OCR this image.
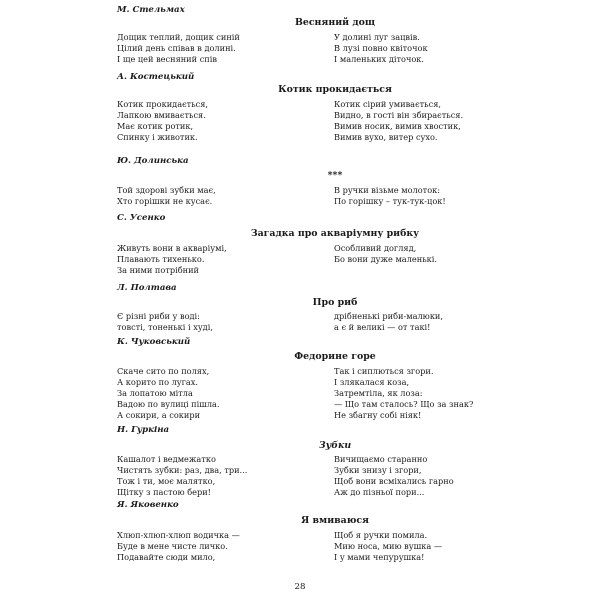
М. Стельмах
Весняний дощ
Дощик теплий, дощик синій
Цілий день співав в долині.
І ще цей весняний спів
У долині луг зацвів.
В лузі повно квіточок
І маленьких діточок.
А. Костецький
Котик прокидається
Котик прокидається,
Лапкою вмивається.
Має котик ротик,
Спинку і животик.
Котик сірий умивається,
Видно, в гості він збирається.
Вимив носик, вимив хвостик,
Вимив вухо, витер сухо.
Ю. Долинська
***
Той здорові зубки має,
Хто горішки не кусає.
В ручки візьме молоток:
По горішку – тук-тук-цок!
С. Усенко
Загадка про акваріумну рибку
Живуть вони в акваріумі,
Плавають тихенько.
За ними потрібний
Особливий догляд,
Бо вони дуже маленькі.
Л. Полтава
Про риб
Є різні риби у воді:
товсті, тоненькі і худі,
дрібненькі риби-малюки,
а є й великі — от такі!
К. Чуковський
Федорине горе
Скаче сито по полях,
А корито по лугах.
За лопатою мітла
Вадою по вулиці пішла.
А сокири, а сокири
Так і сиплються згори.
І злякалася коза,
Затремтіла, як лоза:
— Що там сталось? Що за знак?
Не збагну собі ніяк!
Н. Гуркіна
Зубки
Кашалот і ведмежатко
Чистять зубки: раз, два, три...
Тож і ти, моє малятко,
Щітку з пастою бери!
Вичищаємо старанно
Зубки знизу і згори,
Щоб вони всміхались гарно
Аж до пізньої пори...
Я. Яковенко
Я вмиваюся
Хлюп-хлюп-хлюп водичка —
Буде в мене чисте личко.
Подавайте сюди мило,
Щоб я ручки помила.
Мию носа, мию вушка —
І у мами чепурушка!
28
